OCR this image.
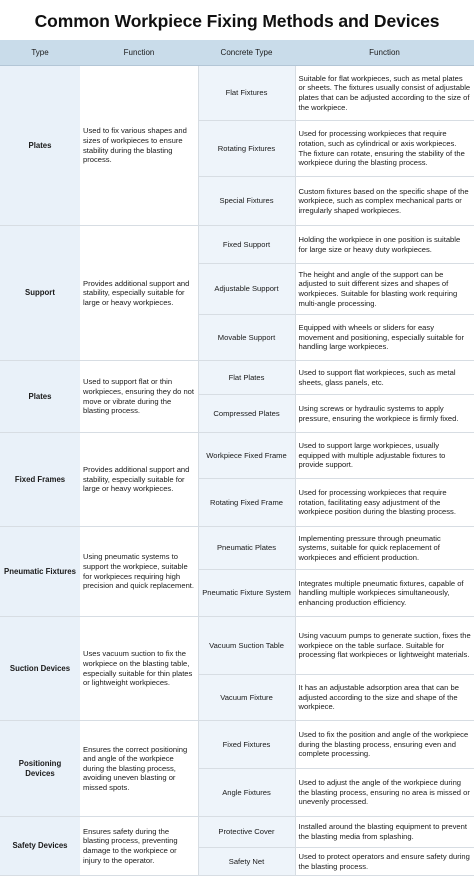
Common Workpiece Fixing Methods and Devices
Type	Function	Concrete Type	Function
Plates	Used to fix various shapes and sizes of workpieces to ensure stability during the blasting process.	Flat Fixtures	Suitable for flat workpieces, such as metal plates or sheets. The fixtures usually consist of adjustable plates that can be adjusted according to the size of the workpiece.
		Rotating Fixtures	Used for processing workpieces that require rotation, such as cylindrical or axis workpieces. The fixture can rotate, ensuring the stability of the workpiece during the blasting process.
		Special Fixtures	Custom fixtures based on the specific shape of the workpiece, such as complex mechanical parts or irregularly shaped workpieces.
Support	Provides additional support and stability, especially suitable for large or heavy workpieces.	Fixed Support	Holding the workpiece in one position is suitable for large size or heavy duty workpieces.
		Adjustable Support	The height and angle of the support can be adjusted to suit different sizes and shapes of workpieces. Suitable for blasting work requiring multi-angle processing.
		Movable Support	Equipped with wheels or sliders for easy movement and positioning, especially suitable for handling large workpieces.
Plates	Used to support flat or thin workpieces, ensuring they do not move or vibrate during the blasting process.	Flat Plates	Used to support flat workpieces, such as metal sheets, glass panels, etc.
		Compressed Plates	Using screws or hydraulic systems to apply pressure, ensuring the workpiece is firmly fixed.
Fixed Frames	Provides additional support and stability, especially suitable for large or heavy workpieces.	Workpiece Fixed Frame	Used to support large workpieces, usually equipped with multiple adjustable fixtures to provide support.
		Rotating Fixed Frame	Used for processing workpieces that require rotation, facilitating easy adjustment of the workpiece position during the blasting process.
Pneumatic Fixtures	Using pneumatic systems to support the workpiece, suitable for workpieces requiring high precision and quick replacement.	Pneumatic Plates	Implementing pressure through pneumatic systems, suitable for quick replacement of workpieces and efficient production.
		Pneumatic Fixture System	Integrates multiple pneumatic fixtures, capable of handling multiple workpieces simultaneously, enhancing production efficiency.
Suction Devices	Uses vacuum suction to fix the workpiece on the blasting table, especially suitable for thin plates or lightweight workpieces.	Vacuum Suction Table	Using vacuum pumps to generate suction, fixes the workpiece on the table surface. Suitable for processing flat workpieces or lightweight materials.
		Vacuum Fixture	It has an adjustable adsorption area that can be adjusted according to the size and shape of the workpiece.
Positioning Devices	Ensures the correct positioning and angle of the workpiece during the blasting process, avoiding uneven blasting or missed spots.	Fixed Fixtures	Used to fix the position and angle of the workpiece during the blasting process, ensuring even and complete processing.
		Angle Fixtures	Used to adjust the angle of the workpiece during the blasting process, ensuring no area is missed or unevenly processed.
Safety Devices	Ensures safety during the blasting process, preventing damage to the workpiece or injury to the operator.	Protective Cover	Installed around the blasting equipment to prevent the blasting media from splashing.
		Safety Net	Used to protect operators and ensure safety during the blasting process.
